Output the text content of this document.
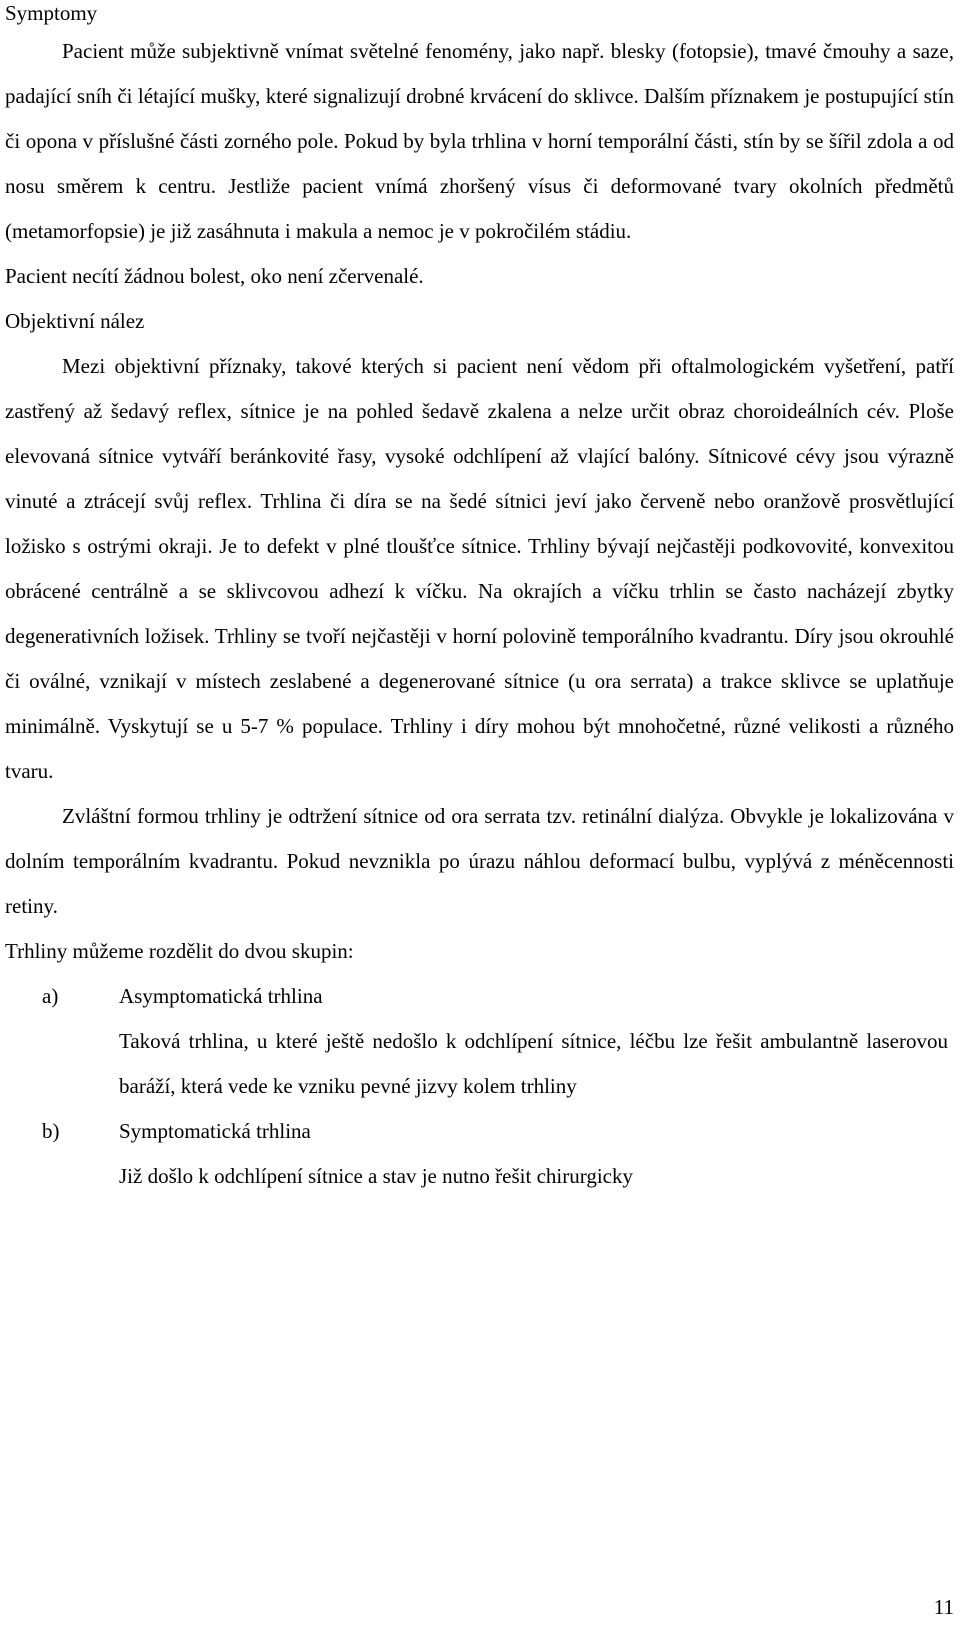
Symptomy

Pacient může subjektivně vnímat světelné fenomény, jako např. blesky (fotopsie), tmavé čmouhy a saze, padající sníh či létající mušky, které signalizují drobné krvácení do sklivce. Dalším příznakem je postupující stín či opona v příslušné části zorného pole. Pokud by byla trhlina v horní temporální části, stín by se šířil zdola a od nosu směrem k centru. Jestliže pacient vnímá zhoršený vísus či deformované tvary okolních předmětů (metamorfopsie) je již zasáhnuta i makula a nemoc je v pokročilém stádiu.

Pacient necítí žádnou bolest, oko není zčervenalé.

Objektivní nález

Mezi objektivní příznaky, takové kterých si pacient není vědom při oftalmologickém vyšetření, patří zastřený až šedavý reflex, sítnice je na pohled šedavě zkalena a nelze určit obraz choroideálních cév. Ploše elevovaná sítnice vytváří beránkovité řasy, vysoké odchlípení až vlající balóny. Sítnicové cévy jsou výrazně vinuté a ztrácejí svůj reflex. Trhlina či díra se na šedé sítnici jeví jako červeně nebo oranžově prosvětlující ložisko s ostrými okraji. Je to defekt v plné tloušťce sítnice. Trhliny bývají nejčastěji podkovovité, konvexitou obrácené centrálně a se sklivcovou adhezí k víčku. Na okrajích a víčku trhlin se často nacházejí zbytky degenerativních ložisek. Trhliny se tvoří nejčastěji v horní polovině temporálního kvadrantu. Díry jsou okrouhlé či oválné, vznikají v místech zeslabené a degenerované sítnice (u ora serrata) a trakce sklivce se uplatňuje minimálně. Vyskytují se u 5-7 % populace. Trhliny i díry mohou být mnohočetné, různé velikosti a různého tvaru.

Zvláštní formou trhliny je odtržení sítnice od ora serrata tzv. retinální dialýza. Obvykle je lokalizována v dolním temporálním kvadrantu. Pokud nevznikla po úrazu náhlou deformací bulbu, vyplývá z méněcennosti retiny.

Trhliny můžeme rozdělit do dvou skupin:

a)	Asymptomatická trhlina

Taková trhlina, u které ještě nedošlo k odchlípení sítnice, léčbu lze řešit ambulantně laserovou baráží, která vede ke vzniku pevné jizvy kolem trhliny

b)	Symptomatická trhlina

Již došlo k odchlípení sítnice a stav je nutno řešit chirurgicky

11
